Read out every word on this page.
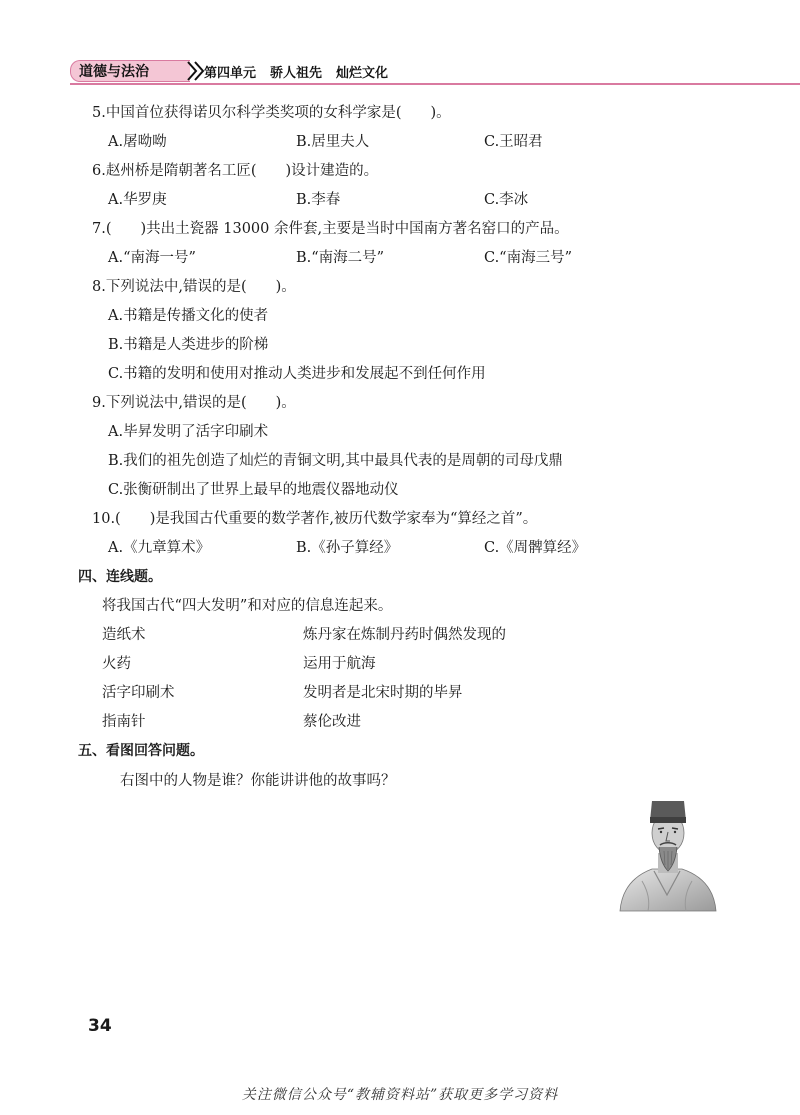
道德与法治	第四单元 骄人祖先 灿烂文化
5.中国首位获得诺贝尔科学类奖项的女科学家是(　　)。
A.屠呦呦	B.居里夫人	C.王昭君
6.赵州桥是隋朝著名工匠(　　)设计建造的。
A.华罗庚	B.李春	C.李冰
7.(　　)共出土瓷器 13000 余件套,主要是当时中国南方著名窑口的产品。
A.“南海一号”	B.“南海二号”	C.“南海三号”
8.下列说法中,错误的是(　　)。
A.书籍是传播文化的使者
B.书籍是人类进步的阶梯
C.书籍的发明和使用对推动人类进步和发展起不到任何作用
9.下列说法中,错误的是(　　)。
A.毕昇发明了活字印刷术
B.我们的祖先创造了灿烂的青铜文明,其中最具代表的是周朝的司母戊鼎
C.张衡研制出了世界上最早的地震仪器地动仪
10.(　　)是我国古代重要的数学著作,被历代数学家奉为“算经之首”。
A.《九章算术》	B.《孙子算经》	C.《周髀算经》
四、连线题。
将我国古代“四大发明”和对应的信息连起来。
造纸术	炼丹家在炼制丹药时偶然发现的
火药	运用于航海
活字印刷术	发明者是北宋时期的毕昇
指南针	蔡伦改进
五、看图回答问题。
右图中的人物是谁？你能讲讲他的故事吗？
34
关注微信公众号“教辅资料站”获取更多学习资料
